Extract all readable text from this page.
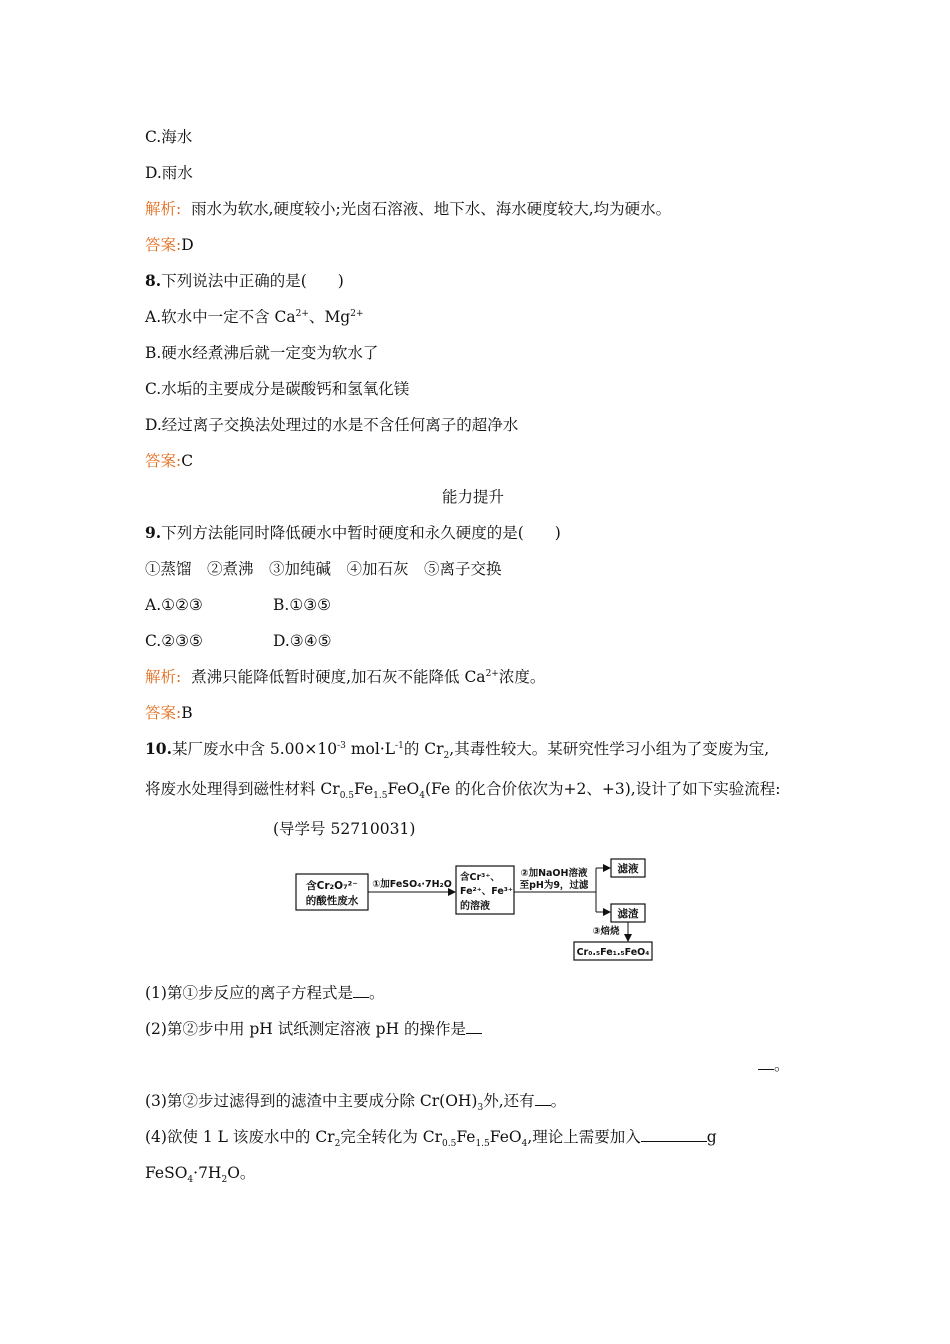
C.海水
D.雨水
解析: 雨水为软水,硬度较小;光卤石溶液、地下水、海水硬度较大,均为硬水。
答案:D
8.下列说法中正确的是(　　)
A.软水中一定不含 $Ca^{2+}$、$Mg^{2+}$
B.硬水经煮沸后就一定变为软水了
C.水垢的主要成分是碳酸钙和氢氧化镁
D.经过离子交换法处理过的水是不含任何离子的超净水
答案:C
能力提升
9.下列方法能同时降低硬水中暂时硬度和永久硬度的是(　　)
①蒸馏　②煮沸　③加纯碱　④加石灰　⑤离子交换
A.①②③	B.①③⑤
C.②③⑤	D.③④⑤
解析: 煮沸只能降低暂时硬度,加石灰不能降低 $Ca^{2+}$浓度。
答案:B
10.某厂废水中含 $5.00\times 10^{-3}$ $mol\cdot L^{-1}$的 $Cr_2$,其毒性较大。某研究性学习小组为了变废为宝,
将废水处理得到磁性材料 $Cr_{0.5}Fe_{1.5}FeO_4(Fe$ 的化合价依次为+2、+3),设计了如下实验流程:
(导学号 52710031)
含Cr₂O₇²⁻
的酸性废水
①加FeSO₄·7H₂O
含Cr³⁺、
Fe²⁺、Fe³⁺
的溶液
②加NaOH溶液
至pH为9，过滤
滤液
滤渣
③焙烧
Cr₀.₅Fe₁.₅FeO₄
(1)第①步反应的离子方程式是 。
(2)第②步中用 pH 试纸测定溶液 pH 的操作是
。
(3)第②步过滤得到的滤渣中主要成分除 $Cr(OH)_3$外,还有 。
(4)欲使 1 L 该废水中的 $Cr_2$完全转化为 $Cr_{0.5}Fe_{1.5}FeO_4$,理论上需要加入	g
$FeSO_4\cdot 7H_2O$。
